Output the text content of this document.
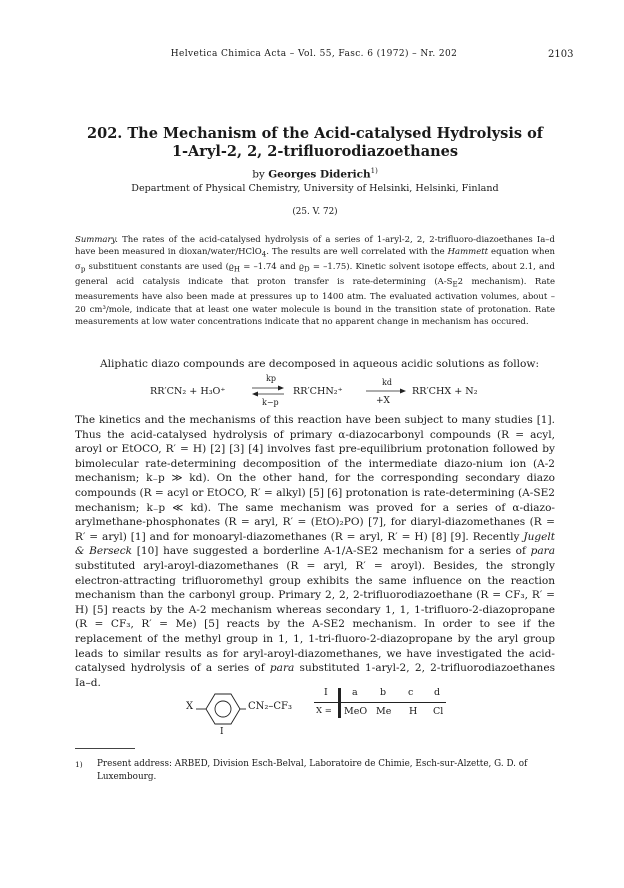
Helvetica Chimica Acta – Vol. 55, Fasc. 6 (1972) – Nr. 202	2103
202. The Mechanism of the Acid-catalysed Hydrolysis of
1-Aryl-2, 2, 2-trifluorodiazoethanes
by Georges Diderich$^{1)}$
Department of Physical Chemistry, University of Helsinki, Helsinki, Finland
(25. V. 72)
Summary. The rates of the acid-catalysed hydrolysis of a series of 1-aryl-2, 2, 2-trifluoro-diazoethanes Ia–d have been measured in dioxan/water/HClO$_4$. The results are well correlated with the Hammett equation when $\sigma_p$ substituent constants are used ($ϱ_H = -1.74$ and $ϱ_D = -1.75$). Kinetic solvent isotope effects, about 2.1, and general acid catalysis indicate that proton transfer is rate-determining ($A-S_E2$ mechanism). Rate measurements have also been made at pressures up to 1400 atm. The evaluated activation volumes, about – 20 cm³/mole, indicate that at least one water molecule is bound in the transition state of protonation. Rate measurements at low water concentrations indicate that no apparent change in mechanism has occured.
Aliphatic diazo compounds are decomposed in aqueous acidic solutions as follow:
RR′CN₂ + H₃O⁺
kp
k−p
RR′CHN₂⁺
kd
+X
RR′CHX + N₂
The kinetics and the mechanisms of this reaction have been subject to many studies [1]. Thus the acid-catalysed hydrolysis of primary α-diazocarbonyl compounds (R = acyl, aroyl or EtOCO, R′ = H) [2] [3] [4] involves fast pre-equilibrium protonation followed by bimolecular rate-determining decomposition of the intermediate diazo-nium ion (A-2 mechanism; k₋p ≫ kd). On the other hand, for the corresponding secondary diazo compounds (R = acyl or EtOCO, R′ = alkyl) [5] [6] protonation is rate-determining (A-SE2 mechanism; k₋p ≪ kd). The same mechanism was proved for a series of α-diazo-arylmethane-phosphonates (R = aryl, R′ = (EtO)₂PO) [7], for diaryl-diazomethanes (R = R′ = aryl) [1] and for monoaryl-diazomethanes (R = aryl, R′ = H) [8] [9]. Recently Jugelt & Berseck [10] have suggested a borderline A-1/A-SE2 mechanism for a series of para substituted aryl-aroyl-diazomethanes (R = aryl, R′ = aroyl). Besides, the strongly electron-attracting trifluoromethyl group exhibits the same influence on the reaction mechanism than the carbonyl group. Primary 2, 2, 2-trifluorodiazoethane (R = CF₃, R′ = H) [5] reacts by the A-2 mechanism whereas secondary 1, 1, 1-trifluoro-2-diazopropane (R = CF₃, R′ = Me) [5] reacts by the A-SE2 mechanism. In order to see if the replacement of the methyl group in 1, 1, 1-tri-fluoro-2-diazopropane by the aryl group leads to similar results as for aryl-aroyl-diazomethanes, we have investigated the acid-catalysed hydrolysis of a series of para substituted 1-aryl-2, 2, 2-trifluorodiazoethanes Ia–d.
X	CN₂–CF₃
I
I	a b c d
X = MeO Me H Cl
1) Present address: ARBED, Division Esch-Belval, Laboratoire de Chimie, Esch-sur-Alzette, G. D. of Luxembourg.
